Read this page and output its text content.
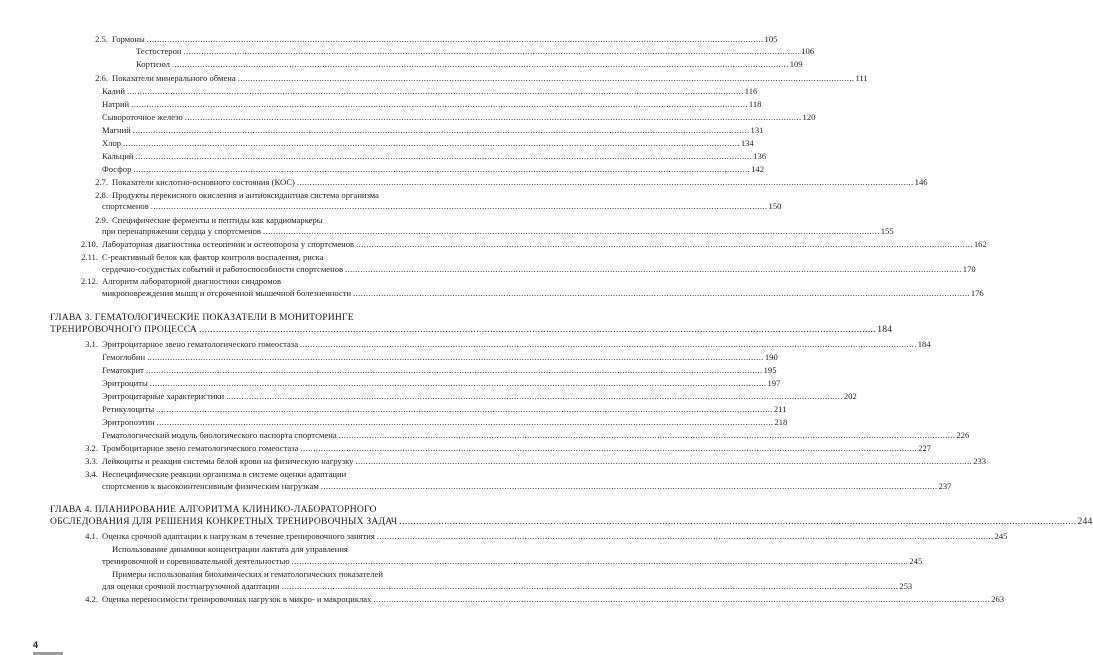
2.5. Гормоны .................................................................................................................................................................................................................................................. 105
Тестостерон .................................................................................................................................................................................................................................................. 106
Кортизол .................................................................................................................................................................................................................................................. 109
2.6. Показатели минерального обмена .................................................................................................................................................................................................................................................. 111
Калий .................................................................................................................................................................................................................................................. 116
Натрий .................................................................................................................................................................................................................................................. 118
Сывороточное железо .................................................................................................................................................................................................................................................. 120
Магний .................................................................................................................................................................................................................................................. 131
Хлор .................................................................................................................................................................................................................................................. 134
Кальций .................................................................................................................................................................................................................................................. 136
Фосфор .................................................................................................................................................................................................................................................. 142
2.7. Показатели кислотно-основного состояния (КОС) .................................................................................................................................................................................................................................................. 146
2.8. Продукты перекисного окисления и антиоксидантная система организма
спортсменов .................................................................................................................................................................................................................................................. 150
2.9. Специфические ферменты и пептиды как кардиомаркеры
при перенапряжении сердца у спортсменов .................................................................................................................................................................................................................................................. 155
2.10. Лабораторная диагностика остеопении и остеопороза у спортсменов .................................................................................................................................................................................................................................................. 162
2.11. С-реактивный белок как фактор контроля воспаления, риска
сердечно-сосудистых событий и работоспособности спортсменов .................................................................................................................................................................................................................................................. 170
2.12. Алгоритм лабораторной диагностики синдромов
микроповреждения мышц и отсроченной мышечной болезненности .................................................................................................................................................................................................................................................. 176
ГЛАВА 3. ГЕМАТОЛОГИЧЕСКИЕ ПОКАЗАТЕЛИ В МОНИТОРИНГЕ
ТРЕНИРОВОЧНОГО ПРОЦЕССА .................................................................................................................................................................................................................................................. 184
3.1. Эритроцитарное звено гематологического гомеостаза .................................................................................................................................................................................................................................................. 184
Гемоглобин .................................................................................................................................................................................................................................................. 190
Гематокрит .................................................................................................................................................................................................................................................. 195
Эритроциты .................................................................................................................................................................................................................................................. 197
Эритроцитарные характеристики .................................................................................................................................................................................................................................................. 202
Ретикулоциты .................................................................................................................................................................................................................................................. 211
Эритропоэтин .................................................................................................................................................................................................................................................. 218
Гематологический модуль биологического паспорта спортсмена .................................................................................................................................................................................................................................................. 226
3.2. Тромбоцитарное звено гематологического гомеостаза .................................................................................................................................................................................................................................................. 227
3.3. Лейкоциты и реакция системы белой крови на физическую нагрузку .................................................................................................................................................................................................................................................. 233
3.4. Неспецифические реакции организма в системе оценки адаптации
спортсменов к высокоинтенсивным физическим нагрузкам .................................................................................................................................................................................................................................................. 237
ГЛАВА 4. ПЛАНИРОВАНИЕ АЛГОРИТМА КЛИНИКО-ЛАБОРАТОРНОГО
ОБСЛЕДОВАНИЯ ДЛЯ РЕШЕНИЯ КОНКРЕТНЫХ ТРЕНИРОВОЧНЫХ ЗАДАЧ .................................................................................................................................................................................................................................................. 244
4.1. Оценка срочной адаптации к нагрузкам в течение тренировочного занятия .................................................................................................................................................................................................................................................. 245
Использование динамики концентрации лактата для управления
тренировочной и соревновательной деятельностью .................................................................................................................................................................................................................................................. 245
Примеры использования биохимических и гематологических показателей
для оценки срочной постнагрузочной адаптации .................................................................................................................................................................................................................................................. 253
4.2. Оценка переносимости тренировочных нагрузок в микро- и макроциклах .................................................................................................................................................................................................................................................. 263
4
